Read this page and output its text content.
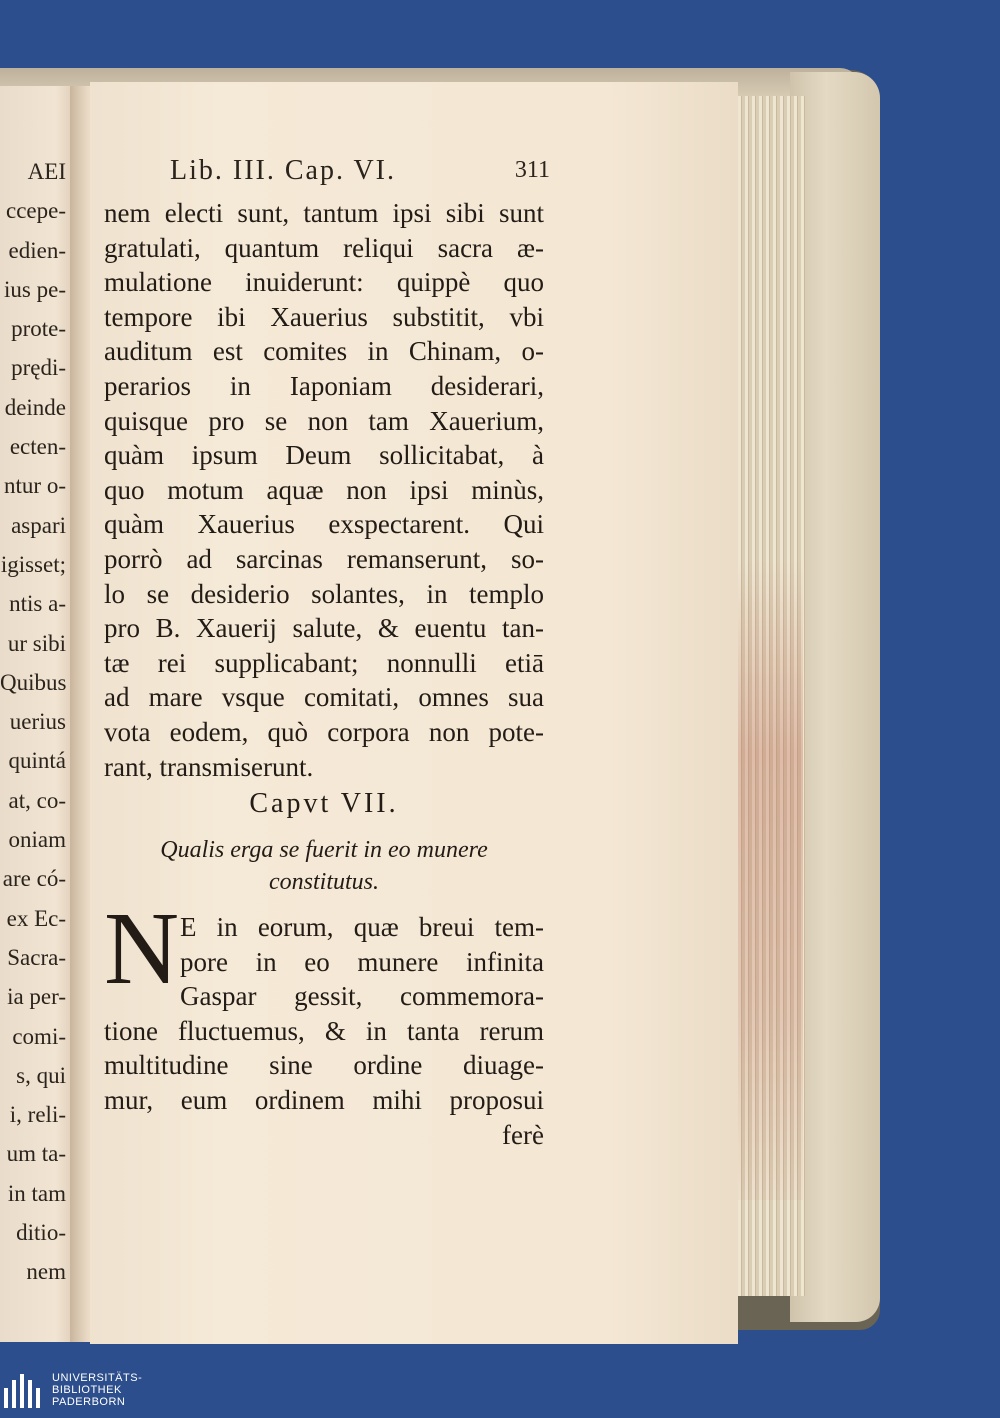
AEI
ccepe-
edien-
ius pe-
prote-
prędi-
deinde
ecten-
ntur o-
aspari
igisset;
ntis a-
ur sibi
Quibus
uerius
quintá
at, co-
oniam
are có-
ex Ec-
Sacra-
ia per-
comi-
s, qui
i, reli-
um ta-
in tam
ditio-
nem
Lib. III. Cap. VI.	311
nem electi sunt, tantum ipsi sibi sunt
gratulati, quantum reliqui sacra æ-
mulatione inuiderunt: quippè quo
tempore ibi Xauerius substitit, vbi
auditum est comites in Chinam, o-
perarios in Iaponiam desiderari,
quisque pro se non tam Xauerium,
quàm ipsum Deum sollicitabat, à
quo motum aquæ non ipsi minùs,
quàm Xauerius exspectarent. Qui
porrò ad sarcinas remanserunt, so-
lo se desiderio solantes, in templo
pro B. Xauerij salute, & euentu tan-
tæ rei supplicabant; nonnulli etiā
ad mare vsque comitati, omnes sua
vota eodem, quò corpora non pote-
rant, transmiserunt.
Capvt VII.
Qualis erga se fuerit in eo munere
constitutus.
N E in eorum, quæ breui tem-
pore in eo munere infinita
Gaspar gessit, commemora-
tione fluctuemus, & in tanta rerum
multitudine sine ordine diuage-
mur, eum ordinem mihi proposui
ferè
UNIVERSITÄTS-
BIBLIOTHEK
PADERBORN
